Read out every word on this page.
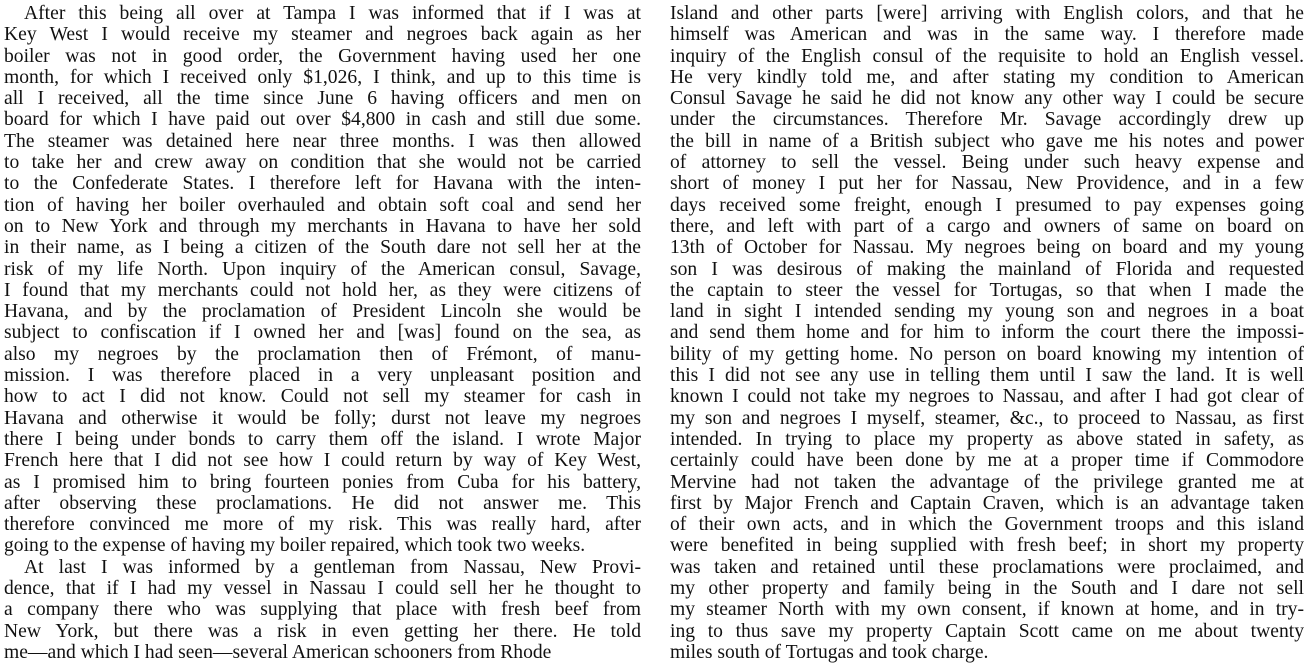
After this being all over at Tampa I was informed that if I was at
Key West I would receive my steamer and negroes back again as her
boiler was not in good order, the Government having used her one
month, for which I received only $1,026, I think, and up to this time is
all I received, all the time since June 6 having officers and men on
board for which I have paid out over $4,800 in cash and still due some.
The steamer was detained here near three months. I was then allowed
to take her and crew away on condition that she would not be carried
to the Confederate States. I therefore left for Havana with the inten-
tion of having her boiler overhauled and obtain soft coal and send her
on to New York and through my merchants in Havana to have her sold
in their name, as I being a citizen of the South dare not sell her at the
risk of my life North. Upon inquiry of the American consul, Savage,
I found that my merchants could not hold her, as they were citizens of
Havana, and by the proclamation of President Lincoln she would be
subject to confiscation if I owned her and [was] found on the sea, as
also my negroes by the proclamation then of Frémont, of manu-
mission. I was therefore placed in a very unpleasant position and
how to act I did not know. Could not sell my steamer for cash in
Havana and otherwise it would be folly; durst not leave my negroes
there I being under bonds to carry them off the island. I wrote Major
French here that I did not see how I could return by way of Key West,
as I promised him to bring fourteen ponies from Cuba for his battery,
after observing these proclamations. He did not answer me. This
therefore convinced me more of my risk. This was really hard, after
going to the expense of having my boiler repaired, which took two weeks.
At last I was informed by a gentleman from Nassau, New Provi-
dence, that if I had my vessel in Nassau I could sell her he thought to
a company there who was supplying that place with fresh beef from
New York, but there was a risk in even getting her there. He told
me—and which I had seen—several American schooners from Rhode
Island and other parts [were] arriving with English colors, and that he
himself was American and was in the same way. I therefore made
inquiry of the English consul of the requisite to hold an English vessel.
He very kindly told me, and after stating my condition to American
Consul Savage he said he did not know any other way I could be secure
under the circumstances. Therefore Mr. Savage accordingly drew up
the bill in name of a British subject who gave me his notes and power
of attorney to sell the vessel. Being under such heavy expense and
short of money I put her for Nassau, New Providence, and in a few
days received some freight, enough I presumed to pay expenses going
there, and left with part of a cargo and owners of same on board on
13th of October for Nassau. My negroes being on board and my young
son I was desirous of making the mainland of Florida and requested
the captain to steer the vessel for Tortugas, so that when I made the
land in sight I intended sending my young son and negroes in a boat
and send them home and for him to inform the court there the impossi-
bility of my getting home. No person on board knowing my intention of
this I did not see any use in telling them until I saw the land. It is well
known I could not take my negroes to Nassau, and after I had got clear of
my son and negroes I myself, steamer, &c., to proceed to Nassau, as first
intended. In trying to place my property as above stated in safety, as
certainly could have been done by me at a proper time if Commodore
Mervine had not taken the advantage of the privilege granted me at
first by Major French and Captain Craven, which is an advantage taken
of their own acts, and in which the Government troops and this island
were benefited in being supplied with fresh beef; in short my property
was taken and retained until these proclamations were proclaimed, and
my other property and family being in the South and I dare not sell
my steamer North with my own consent, if known at home, and in try-
ing to thus save my property Captain Scott came on me about twenty
miles south of Tortugas and took charge.
